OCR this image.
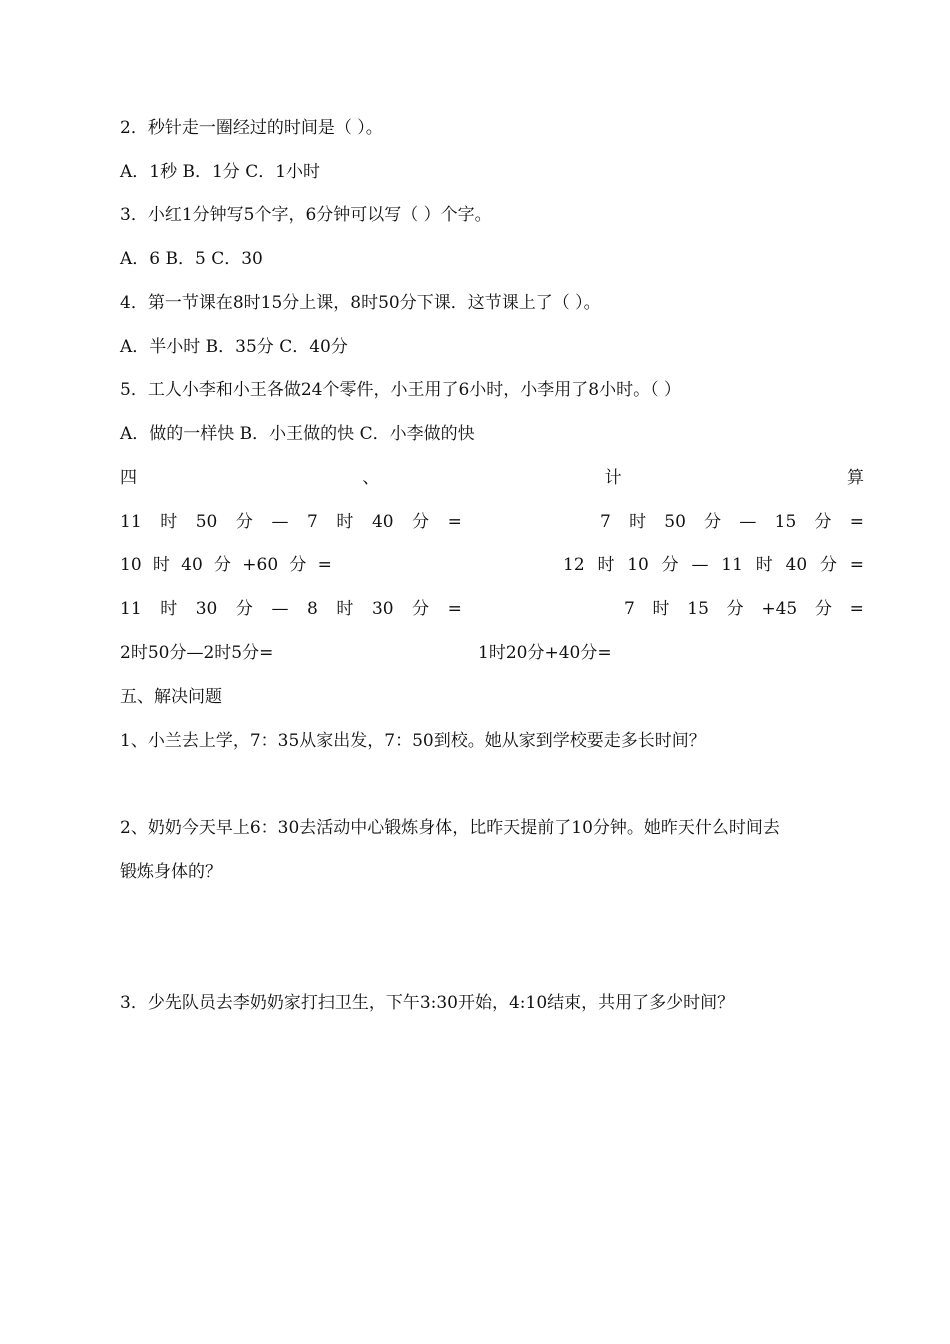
2．秒针走一圈经过的时间是（ ）。
A．1秒 B．1分 C．1小时
3．小红1分钟写5个字，6分钟可以写（ ）个字。
A．6 B．5 C．30
4．第一节课在8时15分上课，8时50分下课．这节课上了（ ）。
A．半小时 B．35分 C．40分
5．工人小李和小王各做24个零件，小王用了6小时，小李用了8小时。（ ）
A．做的一样快 B．小王做的快 C．小李做的快
四	、	计	算
11 时 50 分 — 7 时 40 分 =	7 时 50 分 — 15 分 =
10 时 40 分 +60 分 =	12 时 10 分 — 11 时 40 分 =
11 时 30 分 — 8 时 30 分 =	7 时 15 分 +45 分 =
2时50分—2时5分=	1时20分+40分=
五、解决问题
1、小兰去上学，7：35从家出发，7：50到校。她从家到学校要走多长时间？
2、奶奶今天早上6：30去活动中心锻炼身体，比昨天提前了10分钟。她昨天什么时间去
锻炼身体的？
3．少先队员去李奶奶家打扫卫生，下午3:30开始，4:10结束，共用了多少时间？
